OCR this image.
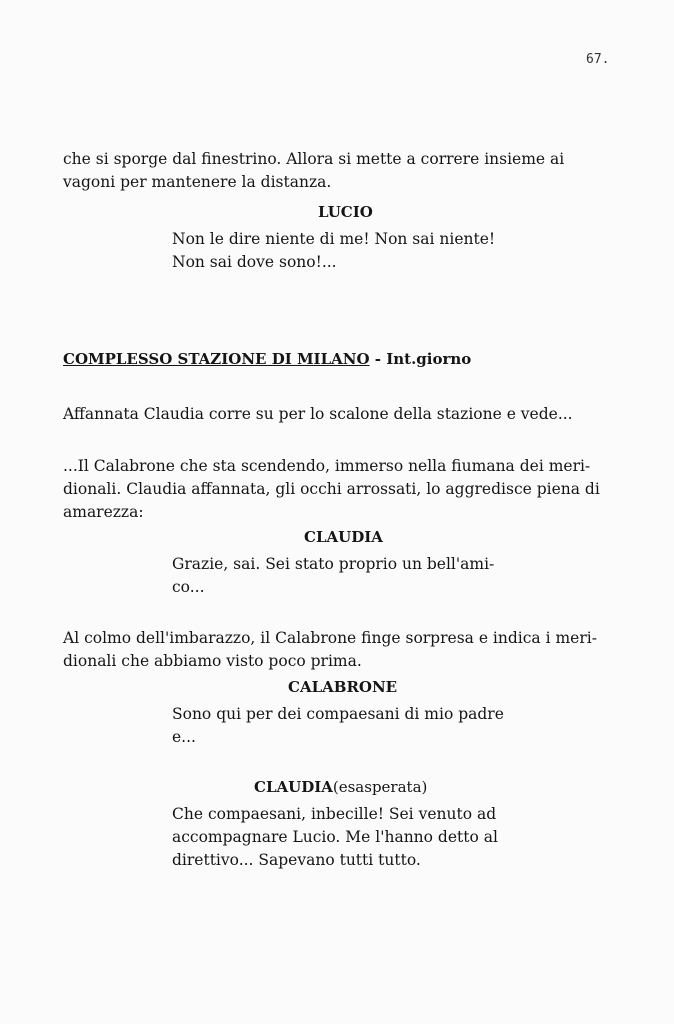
67.
che si sporge dal finestrino. Allora si mette a correre insieme ai
vagoni per mantenere la distanza.
LUCIO
Non le dire niente di me! Non sai niente!
Non sai dove sono!...
COMPLESSO STAZIONE DI MILANO - Int.giorno
Affannata Claudia corre su per lo scalone della stazione e vede...
...Il Calabrone che sta scendendo, immerso nella fiumana dei meri-
dionali. Claudia affannata, gli occhi arrossati, lo aggredisce piena di
amarezza:
CLAUDIA
Grazie, sai. Sei stato proprio un bell'ami-
co...
Al colmo dell'imbarazzo, il Calabrone finge sorpresa e indica i meri-
dionali che abbiamo visto poco prima.
CALABRONE
Sono qui per dei compaesani di mio padre
e...
CLAUDIA(esasperata)
Che compaesani, inbecille! Sei venuto ad
accompagnare Lucio. Me l'hanno detto al
direttivo... Sapevano tutti tutto.
